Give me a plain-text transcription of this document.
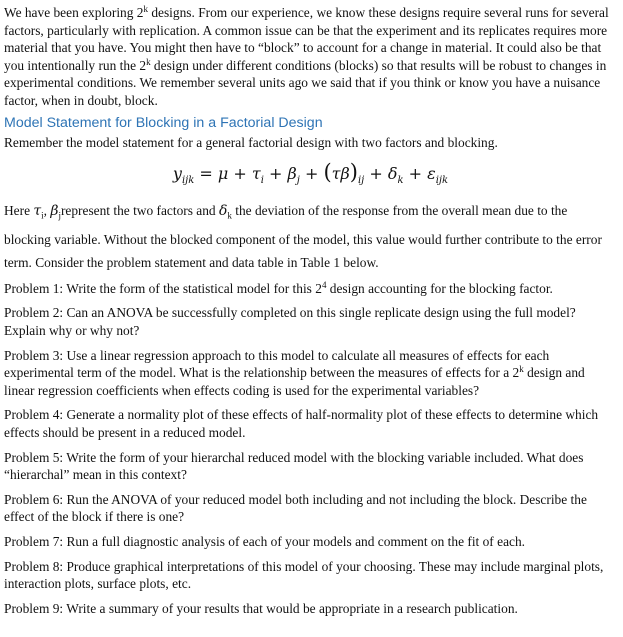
We have been exploring 2$^k$ designs. From our experience, we know these designs require several runs for several factors, particularly with replication. A common issue can be that the experiment and its replicates requires more material that you have. You might then have to “block” to account for a change in material. It could also be that you intentionally run the 2$^k$ design under different conditions (blocks) so that results will be robust to changes in experimental conditions. We remember several units ago we said that if you think or know you have a nuisance factor, when in doubt, block.

Model Statement for Blocking in a Factorial Design

Remember the model statement for a general factorial design with two factors and blocking.

$y_{ijk} = \mu + \tau_i + \beta_j + (\tau\beta)_{ij} + \delta_k + \varepsilon_{ijk}$

Here $\tau_i$, $\beta_jrepresent$ the two factors and $\delta_k$ the deviation of the response from the overall mean due to the blocking variable. Without the blocked component of the model, this value would further contribute to the error term. Consider the problem statement and data table in Table 1 below.

Problem 1: Write the form of the statistical model for this $2^4$ design accounting for the blocking factor.

Problem 2: Can an ANOVA be successfully completed on this single replicate design using the full model? Explain why or why not?

Problem 3: Use a linear regression approach to this model to calculate all measures of effects for each experimental term of the model. What is the relationship between the measures of effects for a 2$^k$ design and linear regression coefficients when effects coding is used for the experimental variables?

Problem 4: Generate a normality plot of these effects of half-normality plot of these effects to determine which effects should be present in a reduced model.

Problem 5: Write the form of your hierarchal reduced model with the blocking variable included. What does “hierarchal” mean in this context?

Problem 6: Run the ANOVA of your reduced model both including and not including the block. Describe the effect of the block if there is one?

Problem 7: Run a full diagnostic analysis of each of your models and comment on the fit of each.

Problem 8: Produce graphical interpretations of this model of your choosing. These may include marginal plots, interaction plots, surface plots, etc.

Problem 9: Write a summary of your results that would be appropriate in a research publication.
